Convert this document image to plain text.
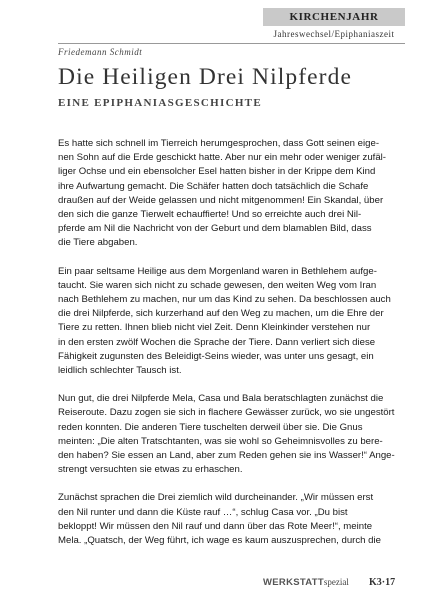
KIRCHENJAHR
Jahreswechsel/Epiphaniaszeit
Friedemann Schmidt
Die Heiligen Drei Nilpferde
EINE EPIPHANIASGESCHICHTE

Es hatte sich schnell im Tierreich herumgesprochen, dass Gott seinen eige-
nen Sohn auf die Erde geschickt hatte. Aber nur ein mehr oder weniger zufäl-
liger Ochse und ein ebensolcher Esel hatten bisher in der Krippe dem Kind
ihre Aufwartung gemacht. Die Schäfer hatten doch tatsächlich die Schafe
draußen auf der Weide gelassen und nicht mitgenommen! Ein Skandal, über
den sich die ganze Tierwelt echauffierte! Und so erreichte auch drei Nil-
pferde am Nil die Nachricht von der Geburt und dem blamablen Bild, dass
die Tiere abgaben.

Ein paar seltsame Heilige aus dem Morgenland waren in Bethlehem aufge-
taucht. Sie waren sich nicht zu schade gewesen, den weiten Weg vom Iran
nach Bethlehem zu machen, nur um das Kind zu sehen. Da beschlossen auch
die drei Nilpferde, sich kurzerhand auf den Weg zu machen, um die Ehre der
Tiere zu retten. Ihnen blieb nicht viel Zeit. Denn Kleinkinder verstehen nur
in den ersten zwölf Wochen die Sprache der Tiere. Dann verliert sich diese
Fähigkeit zugunsten des Beleidigt-Seins wieder, was unter uns gesagt, ein
leidlich schlechter Tausch ist.

Nun gut, die drei Nilpferde Mela, Casa und Bala beratschlagten zunächst die
Reiseroute. Dazu zogen sie sich in flachere Gewässer zurück, wo sie ungestört
reden konnten. Die anderen Tiere tuschelten derweil über sie. Die Gnus
meinten: „Die alten Tratschtanten, was sie wohl so Geheimnisvolles zu bere-
den haben? Sie essen an Land, aber zum Reden gehen sie ins Wasser!“ Ange-
strengt versuchten sie etwas zu erhaschen.

Zunächst sprachen die Drei ziemlich wild durcheinander. „Wir müssen erst
den Nil runter und dann die Küste rauf …“, schlug Casa vor. „Du bist
bekloppt! Wir müssen den Nil rauf und dann über das Rote Meer!“, meinte
Mela. „Quatsch, der Weg führt, ich wage es kaum auszusprechen, durch die

WERKSTATTspezial K3·17
